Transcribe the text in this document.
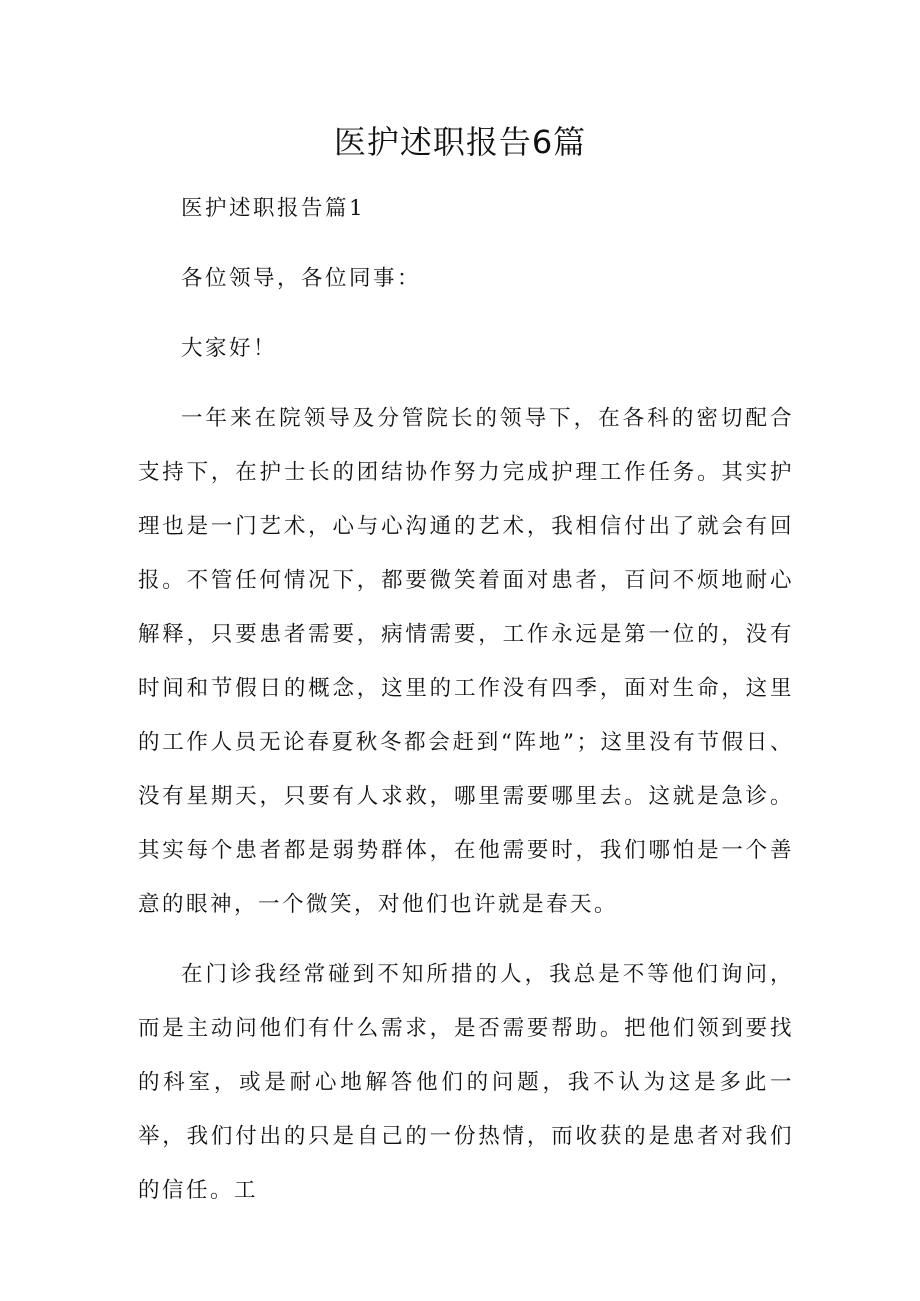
医护述职报告6篇

医护述职报告篇1

各位领导，各位同事：

大家好！

一年来在院领导及分管院长的领导下，在各科的密切配合支持下，在护士长的团结协作努力完成护理工作任务。其实护理也是一门艺术，心与心沟通的艺术，我相信付出了就会有回报。不管任何情况下，都要微笑着面对患者，百问不烦地耐心解释，只要患者需要，病情需要，工作永远是第一位的，没有时间和节假日的概念，这里的工作没有四季，面对生命，这里的工作人员无论春夏秋冬都会赶到“阵地”；这里没有节假日、没有星期天，只要有人求救，哪里需要哪里去。这就是急诊。其实每个患者都是弱势群体，在他需要时，我们哪怕是一个善意的眼神，一个微笑，对他们也许就是春天。

在门诊我经常碰到不知所措的人，我总是不等他们询问，而是主动问他们有什么需求，是否需要帮助。把他们领到要找的科室，或是耐心地解答他们的问题，我不认为这是多此一举，我们付出的只是自己的一份热情，而收获的是患者对我们的信任。工
